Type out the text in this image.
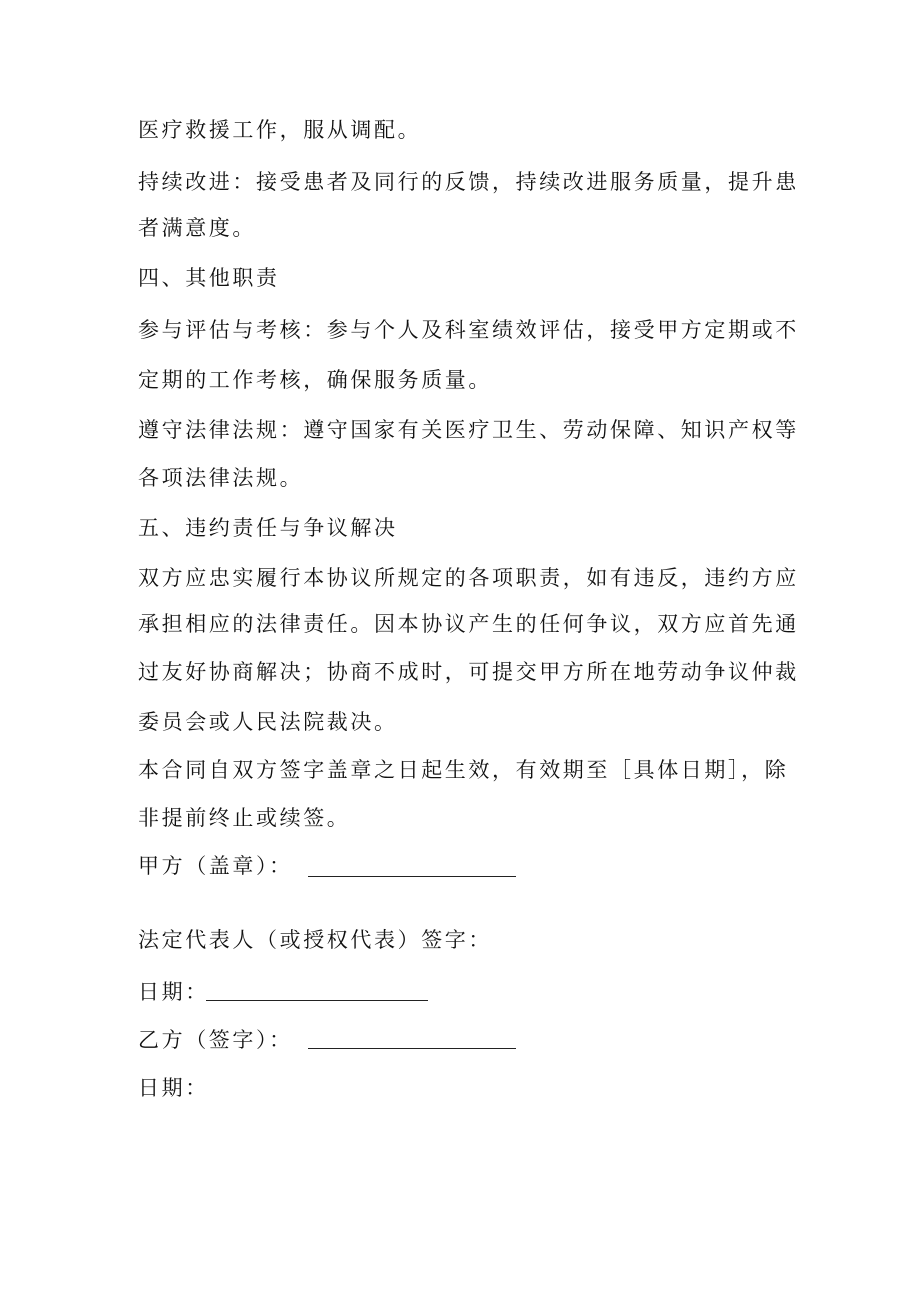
医疗救援工作，服从调配。
持续改进：接受患者及同行的反馈，持续改进服务质量，提升患
者满意度。
四、其他职责
参与评估与考核：参与个人及科室绩效评估，接受甲方定期或不
定期的工作考核，确保服务质量。
遵守法律法规：遵守国家有关医疗卫生、劳动保障、知识产权等
各项法律法规。
五、违约责任与争议解决
双方应忠实履行本协议所规定的各项职责，如有违反，违约方应
承担相应的法律责任。因本协议产生的任何争议，双方应首先通
过友好协商解决；协商不成时，可提交甲方所在地劳动争议仲裁
委员会或人民法院裁决。
本合同自双方签字盖章之日起生效，有效期至［具体日期］，除
非提前终止或续签。
甲方（盖章）：
法定代表人（或授权代表）签字：
日期：
乙方（签字）：
日期：
